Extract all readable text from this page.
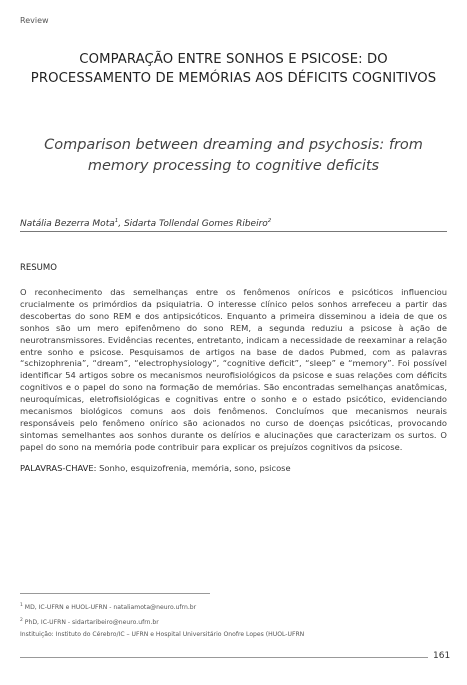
Review
COMPARAÇÃO ENTRE SONHOS E PSICOSE: DO PROCESSAMENTO DE MEMÓRIAS AOS DÉFICITS COGNITIVOS
Comparison between dreaming and psychosis: from memory processing to cognitive deficits
Natália Bezerra Mota$^1$, Sidarta Tollendal Gomes Ribeiro$^2$
RESUMO

O reconhecimento das semelhanças entre os fenômenos oníricos e psicóticos influenciou crucialmente os primórdios da psiquiatria. O interesse clínico pelos sonhos arrefeceu a partir das descobertas do sono REM e dos antipsicóticos. Enquanto a primeira disseminou a ideia de que os sonhos são um mero epifenômeno do sono REM, a segunda reduziu a psicose à ação de neurotransmissores. Evidências recentes, entretanto, indicam a necessidade de reexaminar a relação entre sonho e psicose. Pesquisamos de artigos na base de dados Pubmed, com as palavras “schizophrenia”, “dream”, “electrophysiology”, “cognitive deficit”, “sleep” e “memory”. Foi possível identificar 54 artigos sobre os mecanismos neurofisiológicos da psicose e suas relações com déficits cognitivos e o papel do sono na formação de memórias. São encontradas semelhanças anatômicas, neuroquímicas, eletrofisiológicas e cognitivas entre o sonho e o estado psicótico, evidenciando mecanismos biológicos comuns aos dois fenômenos. Concluímos que mecanismos neurais responsáveis pelo fenômeno onírico são acionados no curso de doenças psicóticas, provocando sintomas semelhantes aos sonhos durante os delírios e alucinações que caracterizam os surtos. O papel do sono na memória pode contribuir para explicar os prejuízos cognitivos da psicose.

PALAVRAS-CHAVE: Sonho, esquizofrenia, memória, sono, psicose
$^1$ MD, IC-UFRN e HUOL-UFRN - nataliamota@neuro.ufrn.br
$^2$ PhD, IC-UFRN - sidartaribeiro@neuro.ufrn.br
Instituição: Instituto do Cérebro/IC – UFRN e Hospital Universitário Onofre Lopes (HUOL-UFRN
161
